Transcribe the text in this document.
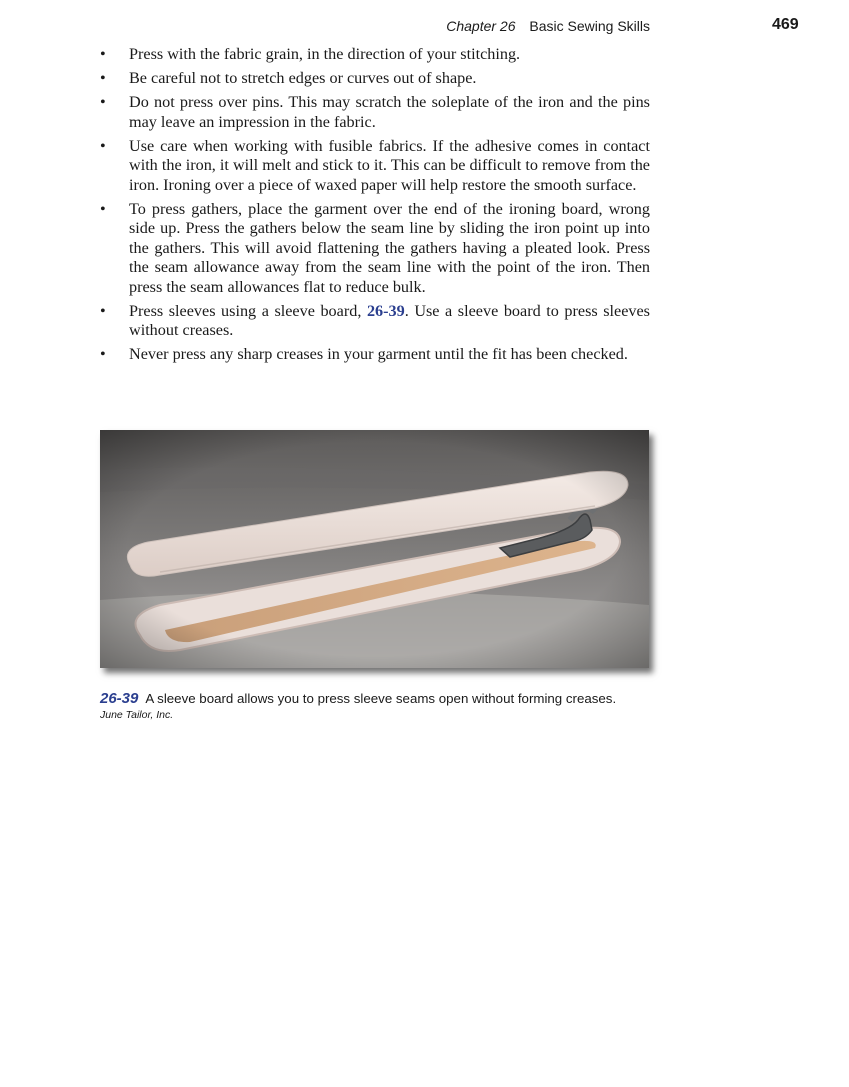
Chapter 26 Basic Sewing Skills	469
• Press with the fabric grain, in the direction of your stitching.
• Be careful not to stretch edges or curves out of shape.
• Do not press over pins. This may scratch the soleplate of the iron and the pins may leave an impression in the fabric.
• Use care when working with fusible fabrics. If the adhesive comes in contact with the iron, it will melt and stick to it. This can be difficult to remove from the iron. Ironing over a piece of waxed paper will help restore the smooth surface.
• To press gathers, place the garment over the end of the ironing board, wrong side up. Press the gathers below the seam line by sliding the iron point up into the gathers. This will avoid flattening the gathers having a pleated look. Press the seam allowance away from the seam line with the point of the iron. Then press the seam allowances flat to reduce bulk.
• Press sleeves using a sleeve board, 26-39. Use a sleeve board to press sleeves without creases.
• Never press any sharp creases in your garment until the fit has been checked.
26-39 A sleeve board allows you to press sleeve seams open without forming creases.
June Tailor, Inc.
